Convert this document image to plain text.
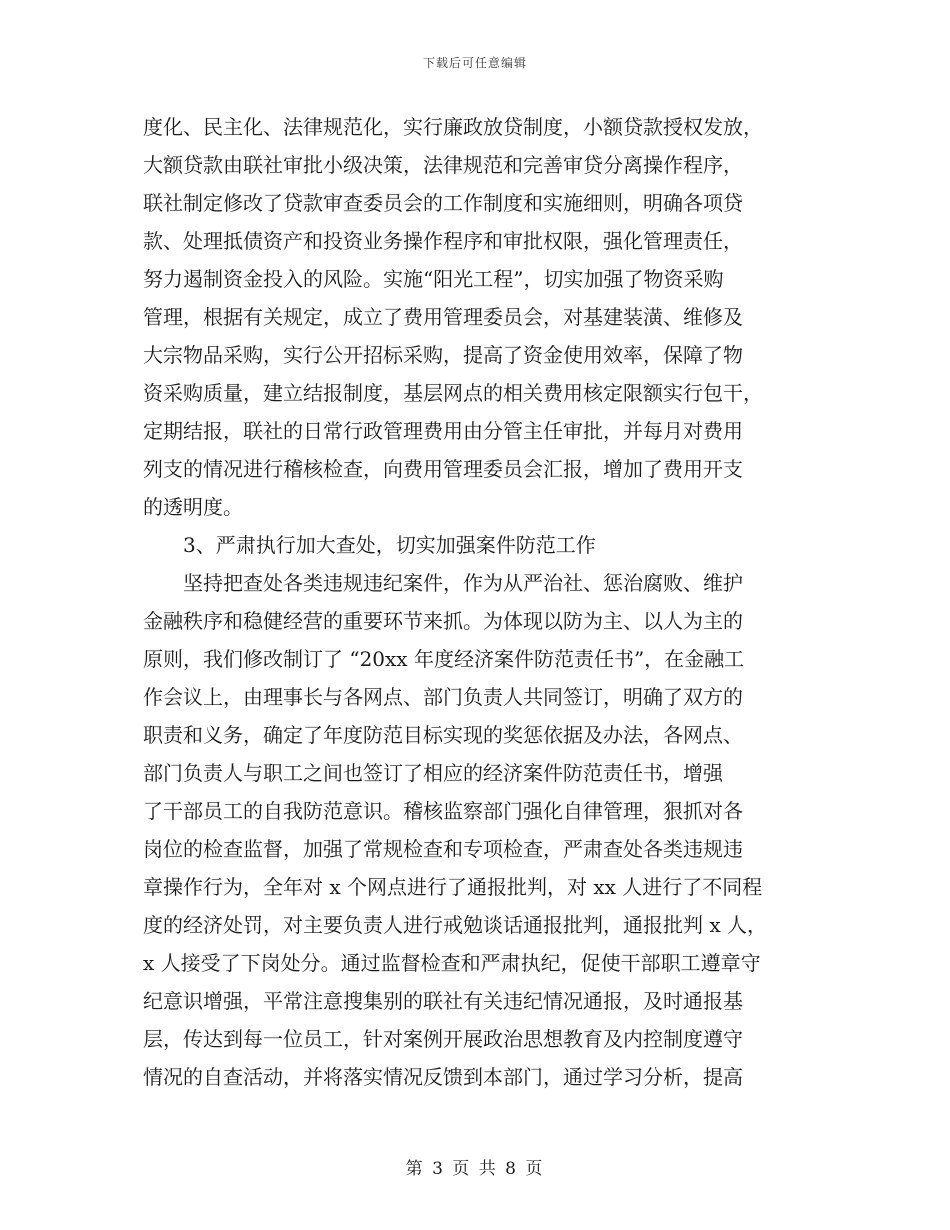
下载后可任意编辑
度化、民主化、法律规范化，实行廉政放贷制度，小额贷款授权发放，
大额贷款由联社审批小级决策，法律规范和完善审贷分离操作程序，
联社制定修改了贷款审查委员会的工作制度和实施细则，明确各项贷
款、处理抵债资产和投资业务操作程序和审批权限，强化管理责任，
努力遏制资金投入的风险。实施“阳光工程”，切实加强了物资采购
管理，根据有关规定，成立了费用管理委员会，对基建装潢、维修及
大宗物品采购，实行公开招标采购，提高了资金使用效率，保障了物
资采购质量，建立结报制度，基层网点的相关费用核定限额实行包干，
定期结报，联社的日常行政管理费用由分管主任审批，并每月对费用
列支的情况进行稽核检查，向费用管理委员会汇报，增加了费用开支
的透明度。
3、严肃执行加大查处，切实加强案件防范工作
坚持把查处各类违规违纪案件，作为从严治社、惩治腐败、维护
金融秩序和稳健经营的重要环节来抓。为体现以防为主、以人为主的
原则，我们修改制订了 “20xx 年度经济案件防范责任书”，在金融工
作会议上，由理事长与各网点、部门负责人共同签订，明确了双方的
职责和义务，确定了年度防范目标实现的奖惩依据及办法，各网点、
部门负责人与职工之间也签订了相应的经济案件防范责任书，增强
了干部员工的自我防范意识。稽核监察部门强化自律管理，狠抓对各
岗位的检查监督，加强了常规检查和专项检查，严肃查处各类违规违
章操作行为，全年对 x 个网点进行了通报批判，对 xx 人进行了不同程
度的经济处罚，对主要负责人进行戒勉谈话通报批判，通报批判 x 人，
x 人接受了下岗处分。通过监督检查和严肃执纪，促使干部职工遵章守
纪意识增强，平常注意搜集别的联社有关违纪情况通报，及时通报基
层，传达到每一位员工，针对案例开展政治思想教育及内控制度遵守
情况的自查活动，并将落实情况反馈到本部门，通过学习分析，提高
第 3 页 共 8 页
